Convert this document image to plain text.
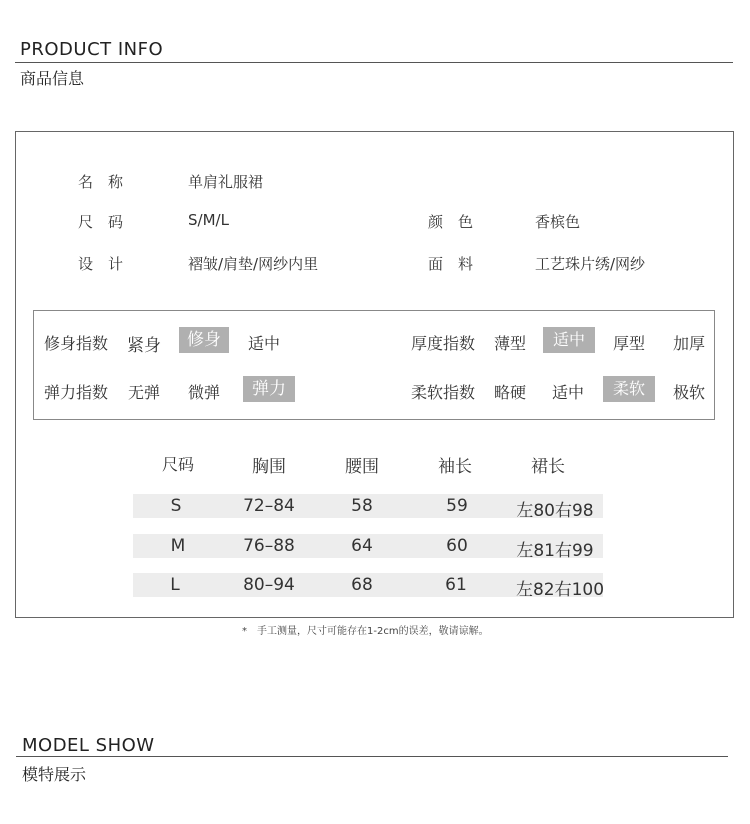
PRODUCT INFO
商品信息
名　称	单肩礼服裙
尺　码	S/M/L	颜　色	香槟色
设　计	褶皱/肩垫/网纱内里	面　料	工艺珠片绣/网纱
修身指数 紧身	修身	适中	厚度指数 薄型	适中	厚型 加厚
弹力指数 无弹 微弹	弹力	柔软指数 略硬 适中	柔软	极软
尺码	胸围	腰围	袖长	裙长
S	72–84	58	59	左80右98
M	76–88	64	60	左81右99
L	80–94	68	61	左82右100
*　手工测量，尺寸可能存在1-2cm的误差，敬请谅解。
MODEL SHOW
模特展示
